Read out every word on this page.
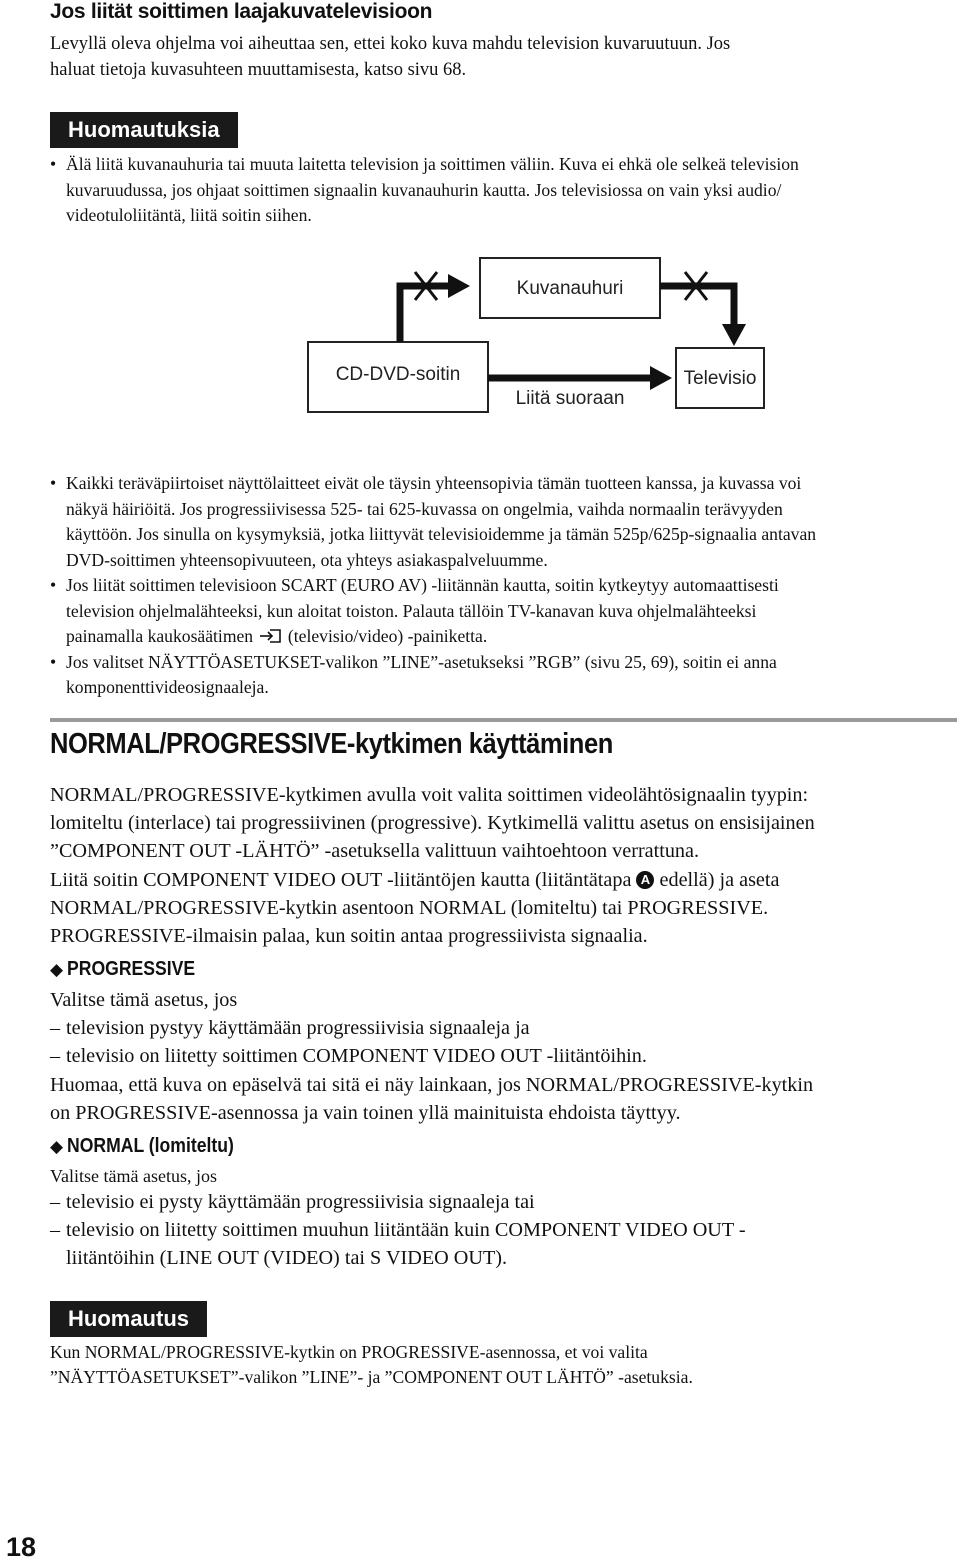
Jos liität soittimen laajakuvatelevisioon
Levyllä oleva ohjelma voi aiheuttaa sen, ettei koko kuva mahdu television kuvaruutuun. Jos
haluat tietoja kuvasuhteen muuttamisesta, katso sivu 68.
Huomautuksia
• Älä liitä kuvanauhuria tai muuta laitetta television ja soittimen väliin. Kuva ei ehkä ole selkeä television
kuvaruudussa, jos ohjaat soittimen signaalin kuvanauhurin kautta. Jos televisiossa on vain yksi audio/
videotuloliitäntä, liitä soitin siihen.
Kuvanauhuri
CD-DVD-soitin	Televisio
Liitä suoraan
• Kaikki teräväpiirtoiset näyttölaitteet eivät ole täysin yhteensopivia tämän tuotteen kanssa, ja kuvassa voi
näkyä häiriöitä. Jos progressiivisessa 525- tai 625-kuvassa on ongelmia, vaihda normaalin terävyyden
käyttöön. Jos sinulla on kysymyksiä, jotka liittyvät televisioidemme ja tämän 525p/625p-signaalia antavan
DVD-soittimen yhteensopivuuteen, ota yhteys asiakaspalveluumme.
• Jos liität soittimen televisioon SCART (EURO AV) -liitännän kautta, soitin kytkeytyy automaattisesti
television ohjelmalähteeksi, kun aloitat toiston. Palauta tällöin TV-kanavan kuva ohjelmalähteeksi
painamalla kaukosäätimen (televisio/video) -painiketta.
• Jos valitset NÄYTTÖASETUKSET-valikon ”LINE”-asetukseksi ”RGB” (sivu 25, 69), soitin ei anna
komponenttivideosignaaleja.
NORMAL/PROGRESSIVE-kytkimen käyttäminen
NORMAL/PROGRESSIVE-kytkimen avulla voit valita soittimen videolähtösignaalin tyypin:
lomiteltu (interlace) tai progressiivinen (progressive). Kytkimellä valittu asetus on ensisijainen
”COMPONENT OUT -LÄHTÖ” -asetuksella valittuun vaihtoehtoon verrattuna.
Liitä soitin COMPONENT VIDEO OUT -liitäntöjen kautta (liitäntätapa A edellä) ja aseta
NORMAL/PROGRESSIVE-kytkin asentoon NORMAL (lomiteltu) tai PROGRESSIVE.
PROGRESSIVE-ilmaisin palaa, kun soitin antaa progressiivista signaalia.
◆ PROGRESSIVE
Valitse tämä asetus, jos
– television pystyy käyttämään progressiivisia signaaleja ja
– televisio on liitetty soittimen COMPONENT VIDEO OUT -liitäntöihin.
Huomaa, että kuva on epäselvä tai sitä ei näy lainkaan, jos NORMAL/PROGRESSIVE-kytkin
on PROGRESSIVE-asennossa ja vain toinen yllä mainituista ehdoista täyttyy.
◆ NORMAL (lomiteltu)
Valitse tämä asetus, jos
– televisio ei pysty käyttämään progressiivisia signaaleja tai
– televisio on liitetty soittimen muuhun liitäntään kuin COMPONENT VIDEO OUT -
liitäntöihin (LINE OUT (VIDEO) tai S VIDEO OUT).
Huomautus
Kun NORMAL/PROGRESSIVE-kytkin on PROGRESSIVE-asennossa, et voi valita
”NÄYTTÖASETUKSET”-valikon ”LINE”- ja ”COMPONENT OUT LÄHTÖ” -asetuksia.
18
